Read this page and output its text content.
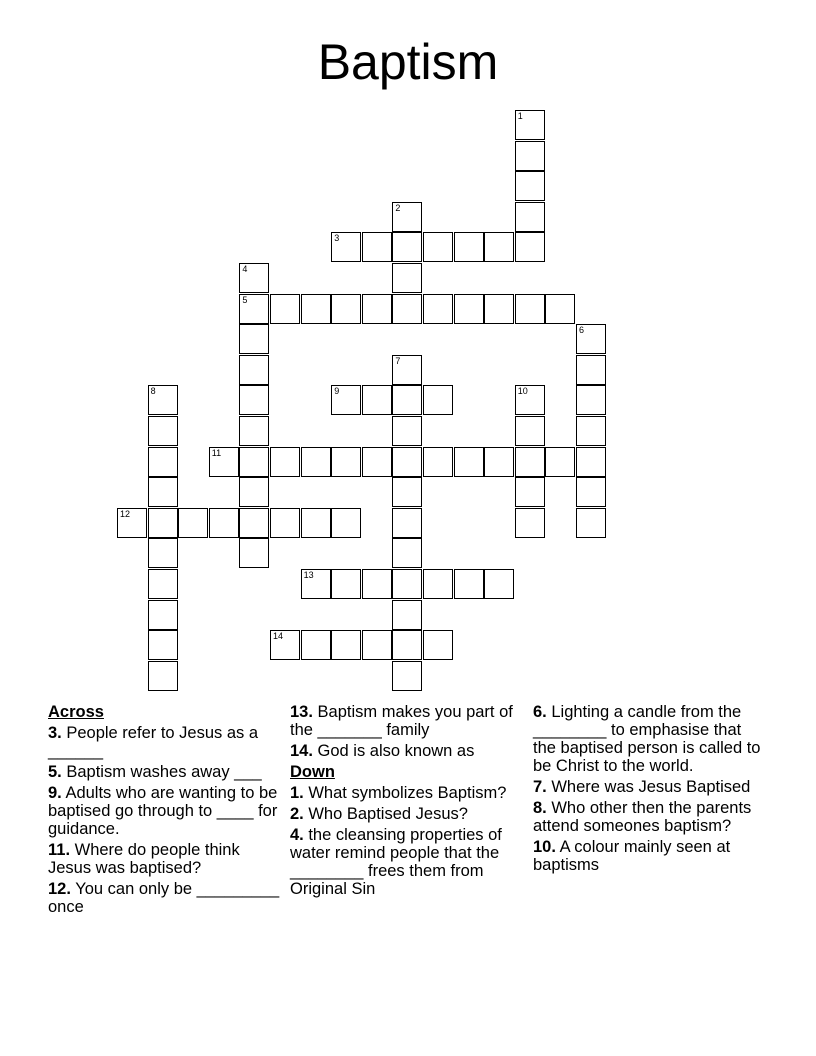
Baptism
1
2
3
4
5
6
7
8	9	10
11
12
13
14
Across
3. People refer to Jesus as a ______
5. Baptism washes away ___
9. Adults who are wanting to be baptised go through to ____ for guidance.
11. Where do people think Jesus was baptised?
12. You can only be _________ once
13. Baptism makes you part of the _______ family
14. God is also known as
Down
1. What symbolizes Baptism?
2. Who Baptised Jesus?
4. the cleansing properties of water remind people that the ________ frees them from Original Sin
6. Lighting a candle from the ________ to emphasise that the baptised person is called to be Christ to the world.
7. Where was Jesus Baptised
8. Who other then the parents attend someones baptism?
10. A colour mainly seen at baptisms
